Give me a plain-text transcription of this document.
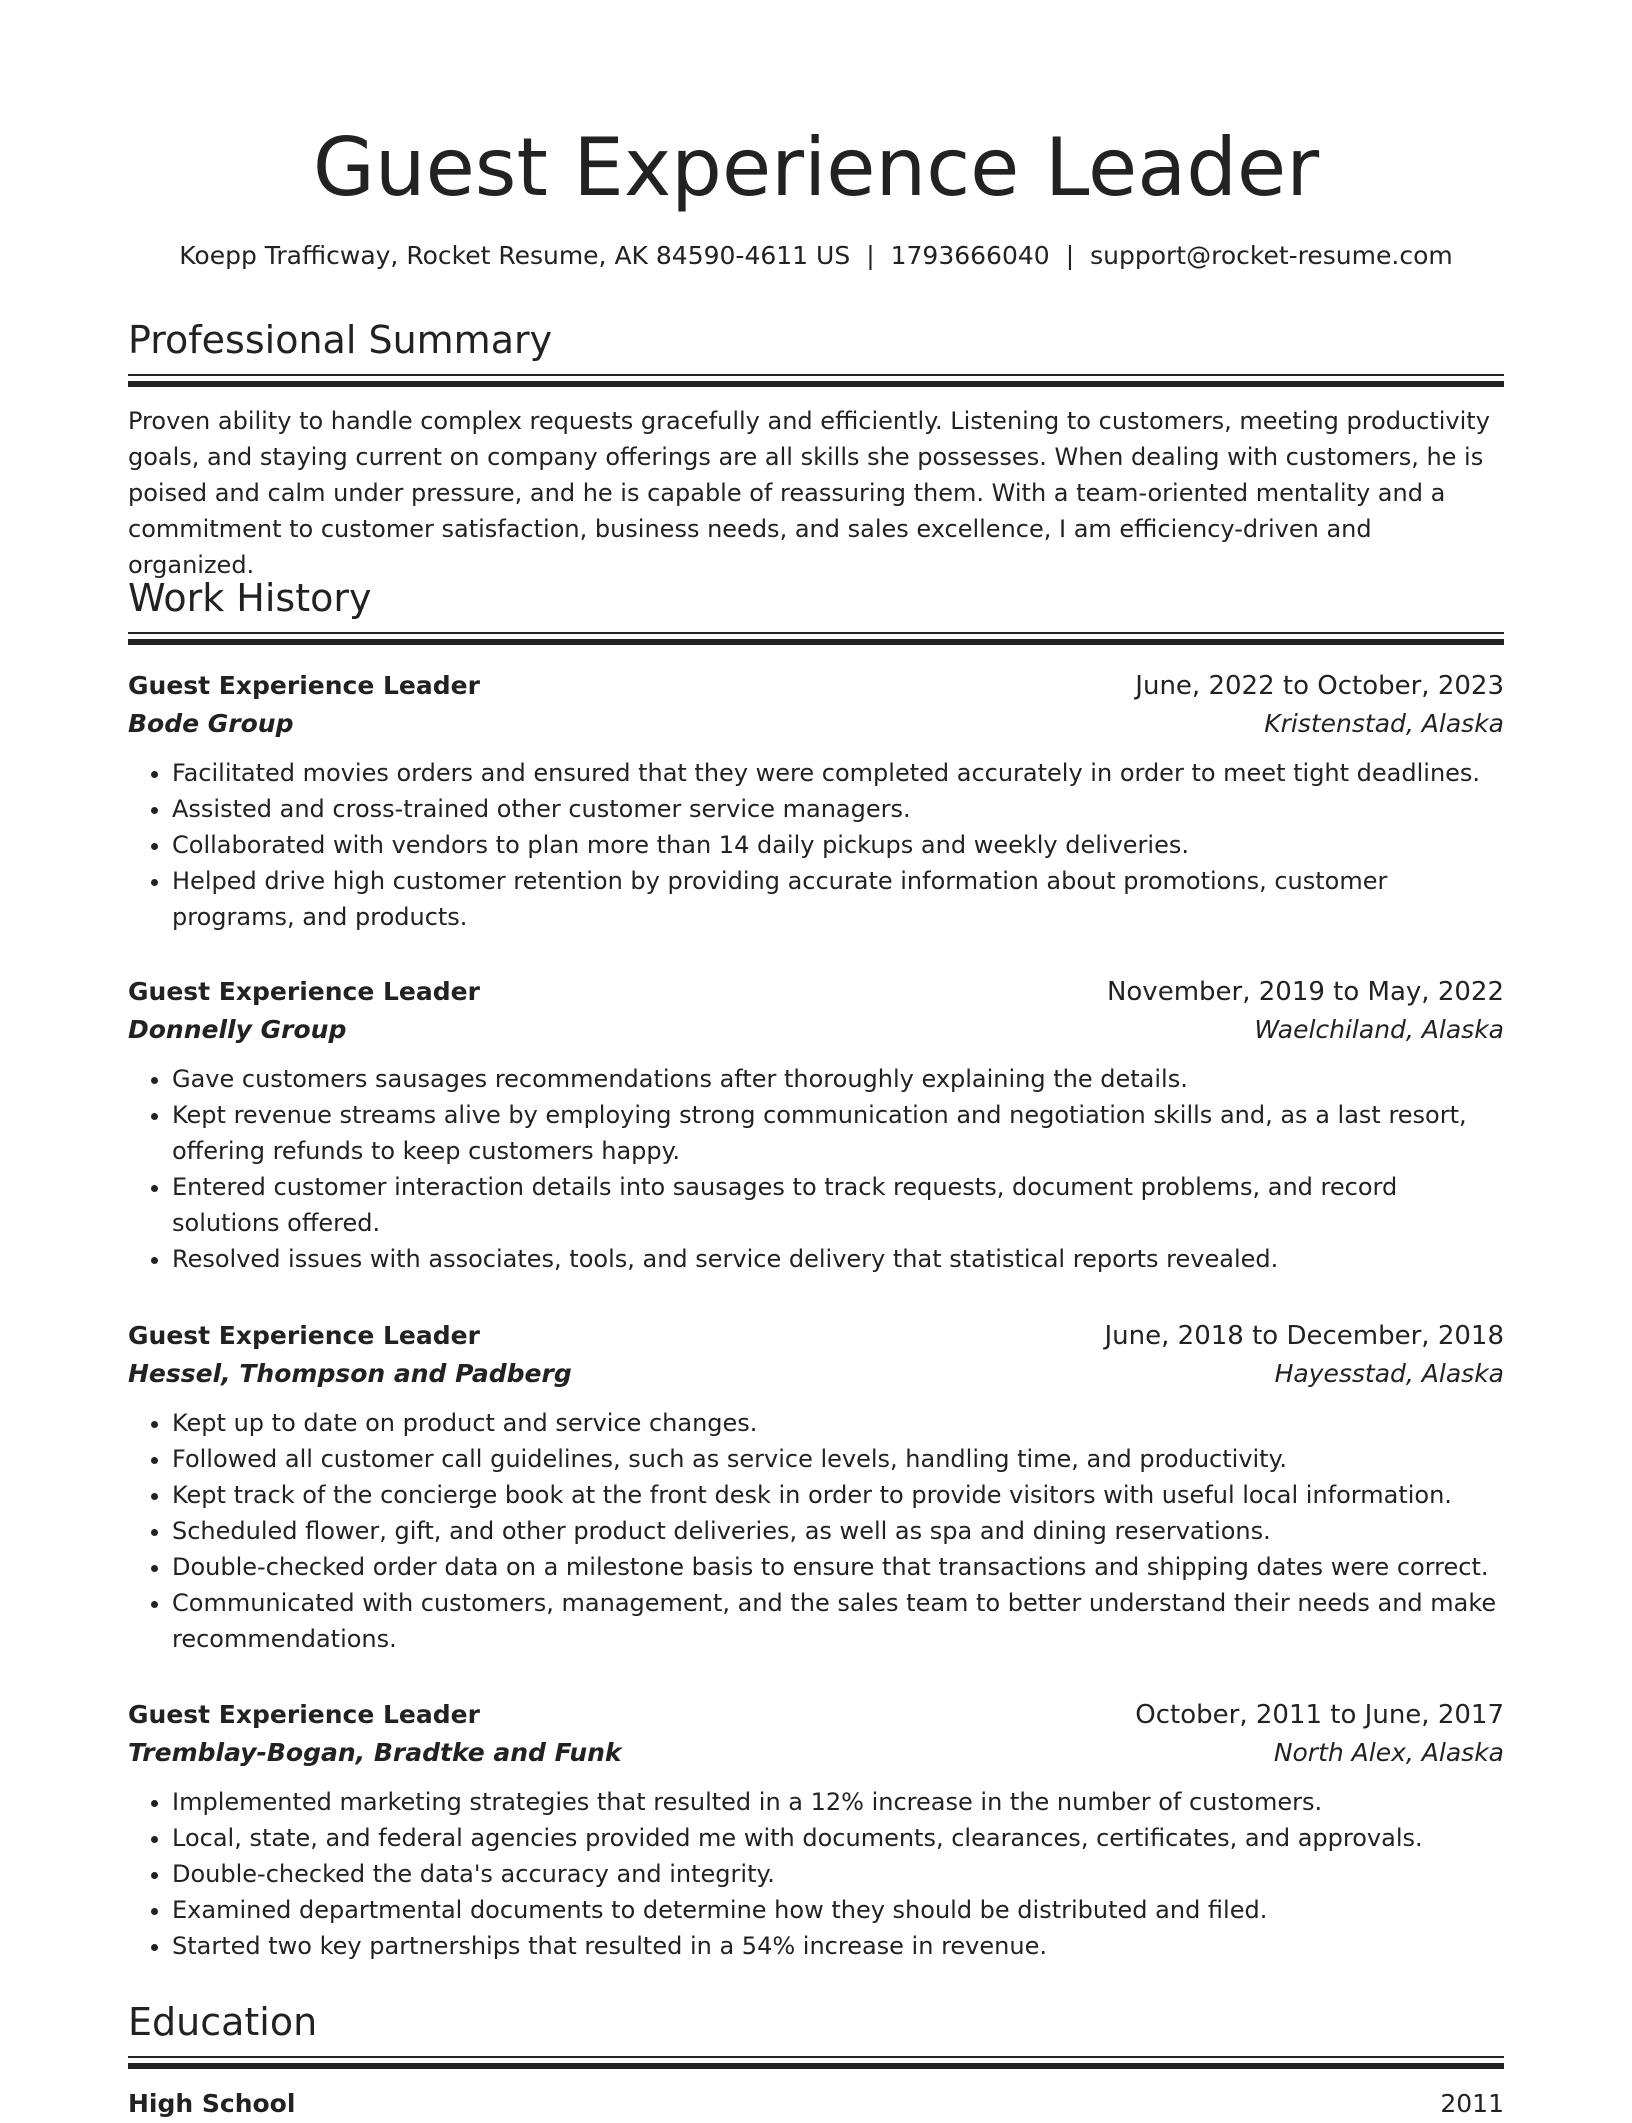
Guest Experience Leader
Koepp Trafficway, Rocket Resume, AK 84590-4611 US | 1793666040 | support@rocket-resume.com
Professional Summary

Proven ability to handle complex requests gracefully and efficiently. Listening to customers, meeting productivity goals, and staying current on company offerings are all skills she possesses. When dealing with customers, he is poised and calm under pressure, and he is capable of reassuring them. With a team-oriented mentality and a commitment to customer satisfaction, business needs, and sales excellence, I am efficiency-driven and organized.

Work History
Guest Experience Leader	June, 2022 to October, 2023
Bode Group	Kristenstad, Alaska
• Facilitated movies orders and ensured that they were completed accurately in order to meet tight deadlines.
• Assisted and cross-trained other customer service managers.
• Collaborated with vendors to plan more than 14 daily pickups and weekly deliveries.
• Helped drive high customer retention by providing accurate information about promotions, customer programs, and products.
Guest Experience Leader	November, 2019 to May, 2022
Donnelly Group	Waelchiland, Alaska
• Gave customers sausages recommendations after thoroughly explaining the details.
• Kept revenue streams alive by employing strong communication and negotiation skills and, as a last resort, offering refunds to keep customers happy.
• Entered customer interaction details into sausages to track requests, document problems, and record solutions offered.
• Resolved issues with associates, tools, and service delivery that statistical reports revealed.
Guest Experience Leader	June, 2018 to December, 2018
Hessel, Thompson and Padberg	Hayesstad, Alaska
• Kept up to date on product and service changes.
• Followed all customer call guidelines, such as service levels, handling time, and productivity.
• Kept track of the concierge book at the front desk in order to provide visitors with useful local information.
• Scheduled flower, gift, and other product deliveries, as well as spa and dining reservations.
• Double-checked order data on a milestone basis to ensure that transactions and shipping dates were correct.
• Communicated with customers, management, and the sales team to better understand their needs and make recommendations.
Guest Experience Leader	October, 2011 to June, 2017
Tremblay-Bogan, Bradtke and Funk	North Alex, Alaska
• Implemented marketing strategies that resulted in a 12% increase in the number of customers.
• Local, state, and federal agencies provided me with documents, clearances, certificates, and approvals.
• Double-checked the data's accuracy and integrity.
• Examined departmental documents to determine how they should be distributed and filed.
• Started two key partnerships that resulted in a 54% increase in revenue.
Education
High School	2011
